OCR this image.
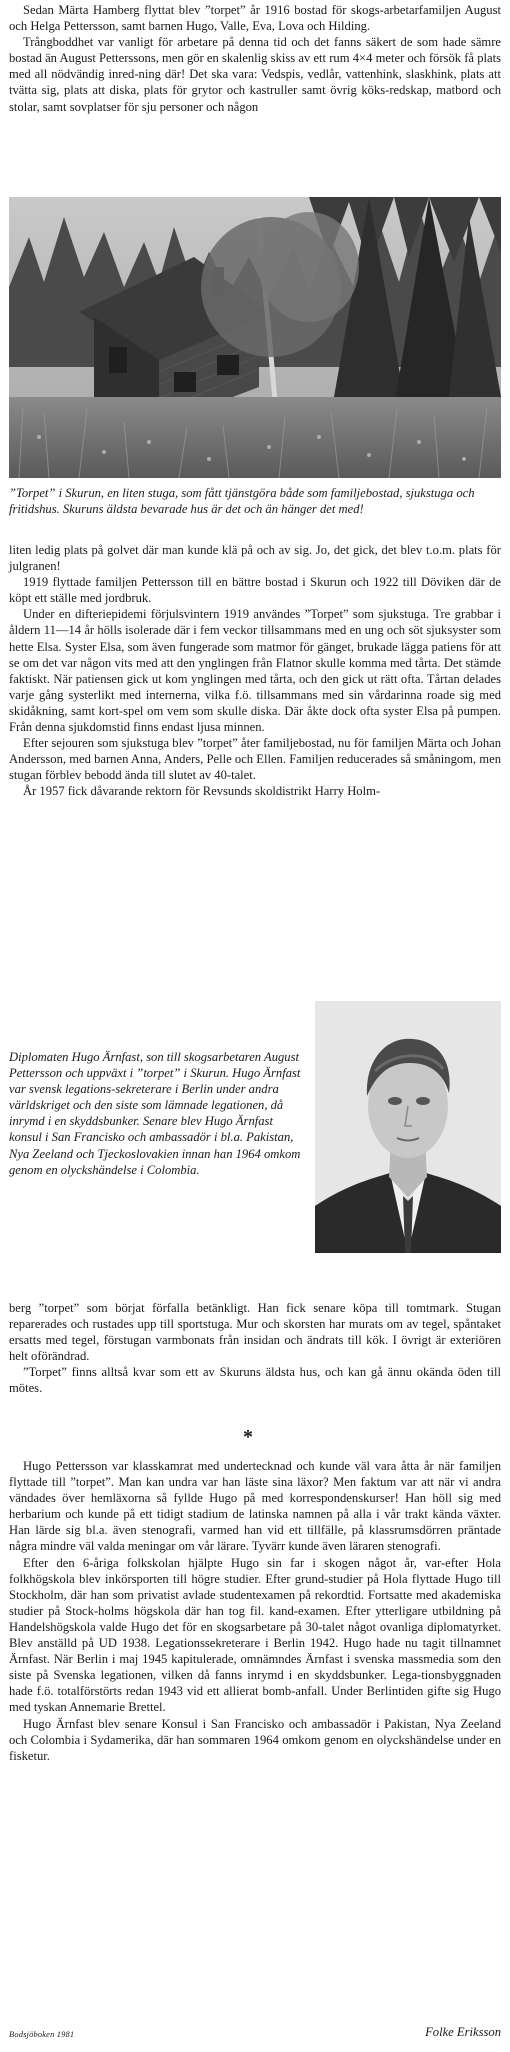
Sedan Märta Hamberg flyttat blev ”torpet” år 1916 bostad för skogs-arbetarfamiljen August och Helga Pettersson, samt barnen Hugo, Valle, Eva, Lova och Hilding.

Trångboddhet var vanligt för arbetare på denna tid och det fanns säkert de som hade sämre bostad än August Petterssons, men gör en skalenlig skiss av ett rum 4×4 meter och försök få plats med all nödvändig inred-ning där! Det ska vara: Vedspis, vedlår, vattenhink, slaskhink, plats att tvätta sig, plats att diska, plats för grytor och kastruller samt övrig köks-redskap, matbord och stolar, samt sovplatser för sju personer och någon

”Torpet” i Skurun, en liten stuga, som fått tjänstgöra både som familjebostad, sjukstuga och fritidshus. Skuruns äldsta bevarade hus är det och än hänger det med!

liten ledig plats på golvet där man kunde klä på och av sig. Jo, det gick, det blev t.o.m. plats för julgranen!

1919 flyttade familjen Pettersson till en bättre bostad i Skurun och 1922 till Döviken där de köpt ett ställe med jordbruk.

Under en difteriepidemi förjulsvintern 1919 användes ”Torpet” som sjukstuga. Tre grabbar i åldern 11—14 år hölls isolerade där i fem veckor tillsammans med en ung och söt sjuksyster som hette Elsa. Syster Elsa, som även fungerade som matmor för gänget, brukade lägga patiens för att se om det var någon vits med att den ynglingen från Flatnor skulle komma med tårta. Det stämde faktiskt. När patiensen gick ut kom ynglingen med tårta, och den gick ut rätt ofta. Tårtan delades varje gång systerlikt med internerna, vilka f.ö. tillsammans med sin vårdarinna roade sig med skidåkning, samt kort-spel om vem som skulle diska. Där åkte dock ofta syster Elsa på pumpen. Från denna sjukdomstid finns endast ljusa minnen.

Efter sejouren som sjukstuga blev ”torpet” åter familjebostad, nu för familjen Märta och Johan Andersson, med barnen Anna, Anders, Pelle och Ellen. Familjen reducerades så småningom, men stugan förblev bebodd ända till slutet av 40-talet.

År 1957 fick dåvarande rektorn för Revsunds skoldistrikt Harry Holm-

Diplomaten Hugo Ärnfast, son till skogsarbetaren August Pettersson och uppväxt i ”torpet” i Skurun. Hugo Ärnfast var svensk legations-sekreterare i Berlin under andra världskriget och den siste som lämnade legationen, då inrymd i en skyddsbunker. Senare blev Hugo Ärnfast konsul i San Francisko och ambassadör i bl.a. Pakistan, Nya Zeeland och Tjeckoslovakien innan han 1964 omkom genom en olyckshändelse i Colombia.

berg ”torpet” som börjat förfalla betänkligt. Han fick senare köpa till tomtmark. Stugan reparerades och rustades upp till sportstuga. Mur och skorsten har murats om av tegel, spåntaket ersatts med tegel, förstugan varmbonats från insidan och ändrats till kök. I övrigt är exteriören helt oförändrad.

”Torpet” finns alltså kvar som ett av Skuruns äldsta hus, och kan gå ännu okända öden till mötes.

*

Hugo Pettersson var klasskamrat med undertecknad och kunde väl vara åtta år när familjen flyttade till ”torpet”. Man kan undra var han läste sina läxor? Men faktum var att när vi andra vändades över hemläxorna så fyllde Hugo på med korrespondenskurser! Han höll sig med herbarium och kunde på ett tidigt stadium de latinska namnen på alla i vår trakt kända växter. Han lärde sig bl.a. även stenografi, varmed han vid ett tillfälle, på klassrumsdörren präntade några mindre väl valda meningar om vår lärare. Tyvärr kunde även läraren stenografi.

Efter den 6-åriga folkskolan hjälpte Hugo sin far i skogen något år, var-efter Hola folkhögskola blev inkörsporten till högre studier. Efter grund-studier på Hola flyttade Hugo till Stockholm, där han som privatist avlade studentexamen på rekordtid. Fortsatte med akademiska studier på Stock-holms högskola där han tog fil. kand-examen. Efter ytterligare utbildning på Handelshögskola valde Hugo det för en skogsarbetare på 30-talet något ovanliga diplomatyrket. Blev anställd på UD 1938. Legationssekreterare i Berlin 1942. Hugo hade nu tagit tillnamnet Ärnfast. När Berlin i maj 1945 kapitulerade, omnämndes Ärnfast i svenska massmedia som den siste på Svenska legationen, vilken då fanns inrymd i en skyddsbunker. Lega-tionsbyggnaden hade f.ö. totalförstörts redan 1943 vid ett allierat bomb-anfall. Under Berlintiden gifte sig Hugo med tyskan Annemarie Brettel.

Hugo Ärnfast blev senare Konsul i San Francisko och ambassadör i Pakistan, Nya Zeeland och Colombia i Sydamerika, där han sommaren 1964 omkom genom en olyckshändelse under en fisketur.

Bodsjöboken 1981	Folke Eriksson
